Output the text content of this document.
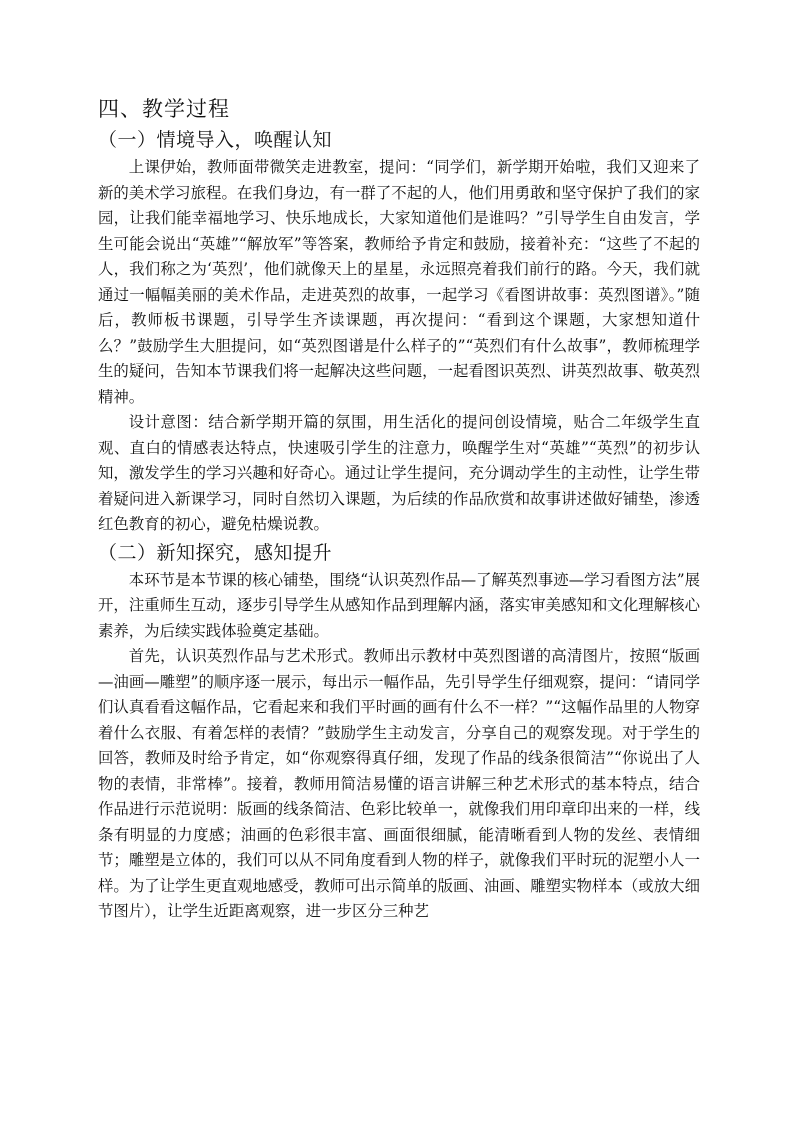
四、教学过程
（一）情境导入，唤醒认知

上课伊始，教师面带微笑走进教室，提问：“同学们，新学期开始啦，我们又迎来了新的美术学习旅程。在我们身边，有一群了不起的人，他们用勇敢和坚守保护了我们的家园，让我们能幸福地学习、快乐地成长，大家知道他们是谁吗？”引导学生自由发言，学生可能会说出“英雄”“解放军”等答案，教师给予肯定和鼓励，接着补充：“这些了不起的人，我们称之为‘英烈’，他们就像天上的星星，永远照亮着我们前行的路。今天，我们就通过一幅幅美丽的美术作品，走进英烈的故事，一起学习《看图讲故事：英烈图谱》。”随后，教师板书课题，引导学生齐读课题，再次提问：“看到这个课题，大家想知道什么？”鼓励学生大胆提问，如“英烈图谱是什么样子的”“英烈们有什么故事”，教师梳理学生的疑问，告知本节课我们将一起解决这些问题，一起看图识英烈、讲英烈故事、敬英烈精神。

设计意图：结合新学期开篇的氛围，用生活化的提问创设情境，贴合二年级学生直观、直白的情感表达特点，快速吸引学生的注意力，唤醒学生对“英雄”“英烈”的初步认知，激发学生的学习兴趣和好奇心。通过让学生提问，充分调动学生的主动性，让学生带着疑问进入新课学习，同时自然切入课题，为后续的作品欣赏和故事讲述做好铺垫，渗透红色教育的初心，避免枯燥说教。

（二）新知探究，感知提升

本环节是本节课的核心铺垫，围绕“认识英烈作品—了解英烈事迹—学习看图方法”展开，注重师生互动，逐步引导学生从感知作品到理解内涵，落实审美感知和文化理解核心素养，为后续实践体验奠定基础。

首先，认识英烈作品与艺术形式。教师出示教材中英烈图谱的高清图片，按照“版画—油画—雕塑”的顺序逐一展示，每出示一幅作品，先引导学生仔细观察，提问：“请同学们认真看看这幅作品，它看起来和我们平时画的画有什么不一样？”“这幅作品里的人物穿着什么衣服、有着怎样的表情？”鼓励学生主动发言，分享自己的观察发现。对于学生的回答，教师及时给予肯定，如“你观察得真仔细，发现了作品的线条很简洁”“你说出了人物的表情，非常棒”。接着，教师用简洁易懂的语言讲解三种艺术形式的基本特点，结合作品进行示范说明：版画的线条简洁、色彩比较单一，就像我们用印章印出来的一样，线条有明显的力度感；油画的色彩很丰富、画面很细腻，能清晰看到人物的发丝、表情细节；雕塑是立体的，我们可以从不同角度看到人物的样子，就像我们平时玩的泥塑小人一样。为了让学生更直观地感受，教师可出示简单的版画、油画、雕塑实物样本（或放大细节图片），让学生近距离观察，进一步区分三种艺
